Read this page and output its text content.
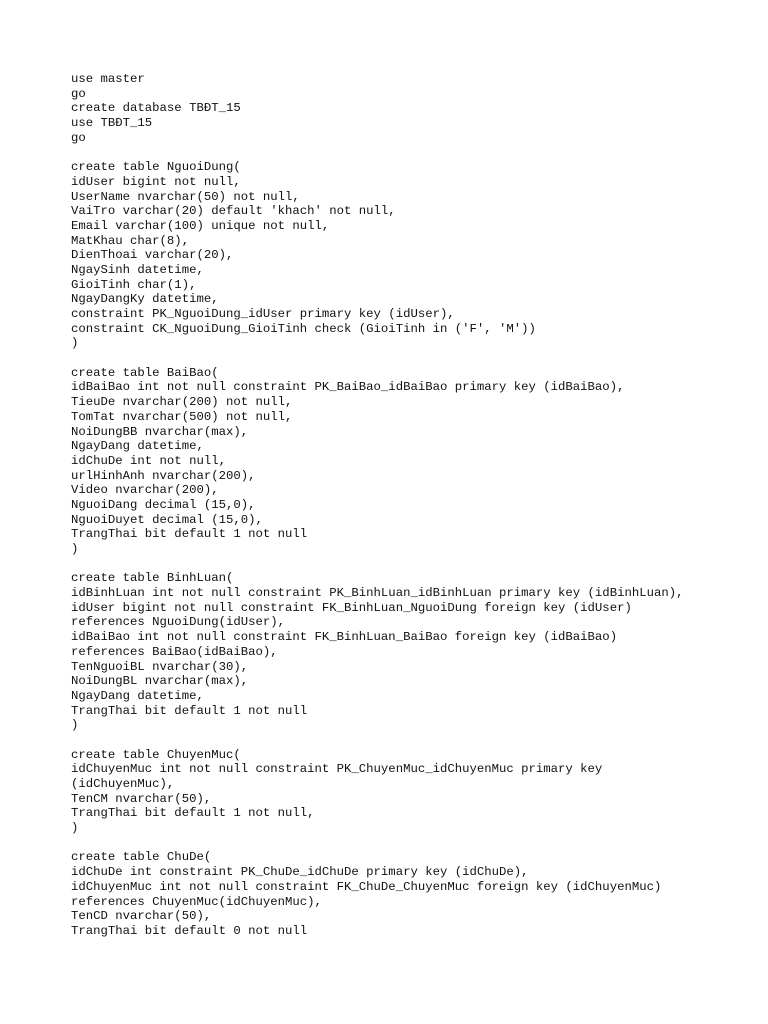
use master
go
create database TBĐT_15
use TBĐT_15
go
create table NguoiDung(
idUser bigint not null,
UserName nvarchar(50) not null,
VaiTro varchar(20) default 'khach' not null,
Email varchar(100) unique not null,
MatKhau char(8),
DienThoai varchar(20),
NgaySinh datetime,
GioiTinh char(1),
NgayDangKy datetime,
constraint PK_NguoiDung_idUser primary key (idUser),
constraint CK_NguoiDung_GioiTinh check (GioiTinh in ('F', 'M'))
)
create table BaiBao(
idBaiBao int not null constraint PK_BaiBao_idBaiBao primary key (idBaiBao),
TieuDe nvarchar(200) not null,
TomTat nvarchar(500) not null,
NoiDungBB nvarchar(max),
NgayDang datetime,
idChuDe int not null,
urlHinhAnh nvarchar(200),
Video nvarchar(200),
NguoiDang decimal (15,0),
NguoiDuyet decimal (15,0),
TrangThai bit default 1 not null
)
create table BinhLuan(
idBinhLuan int not null constraint PK_BinhLuan_idBinhLuan primary key (idBinhLuan),
idUser bigint not null constraint FK_BinhLuan_NguoiDung foreign key (idUser)
references NguoiDung(idUser),
idBaiBao int not null constraint FK_BinhLuan_BaiBao foreign key (idBaiBao)
references BaiBao(idBaiBao),
TenNguoiBL nvarchar(30),
NoiDungBL nvarchar(max),
NgayDang datetime,
TrangThai bit default 1 not null
)
create table ChuyenMuc(
idChuyenMuc int not null constraint PK_ChuyenMuc_idChuyenMuc primary key
(idChuyenMuc),
TenCM nvarchar(50),
TrangThai bit default 1 not null,
)
create table ChuDe(
idChuDe int constraint PK_ChuDe_idChuDe primary key (idChuDe),
idChuyenMuc int not null constraint FK_ChuDe_ChuyenMuc foreign key (idChuyenMuc)
references ChuyenMuc(idChuyenMuc),
TenCD nvarchar(50),
TrangThai bit default 0 not null
